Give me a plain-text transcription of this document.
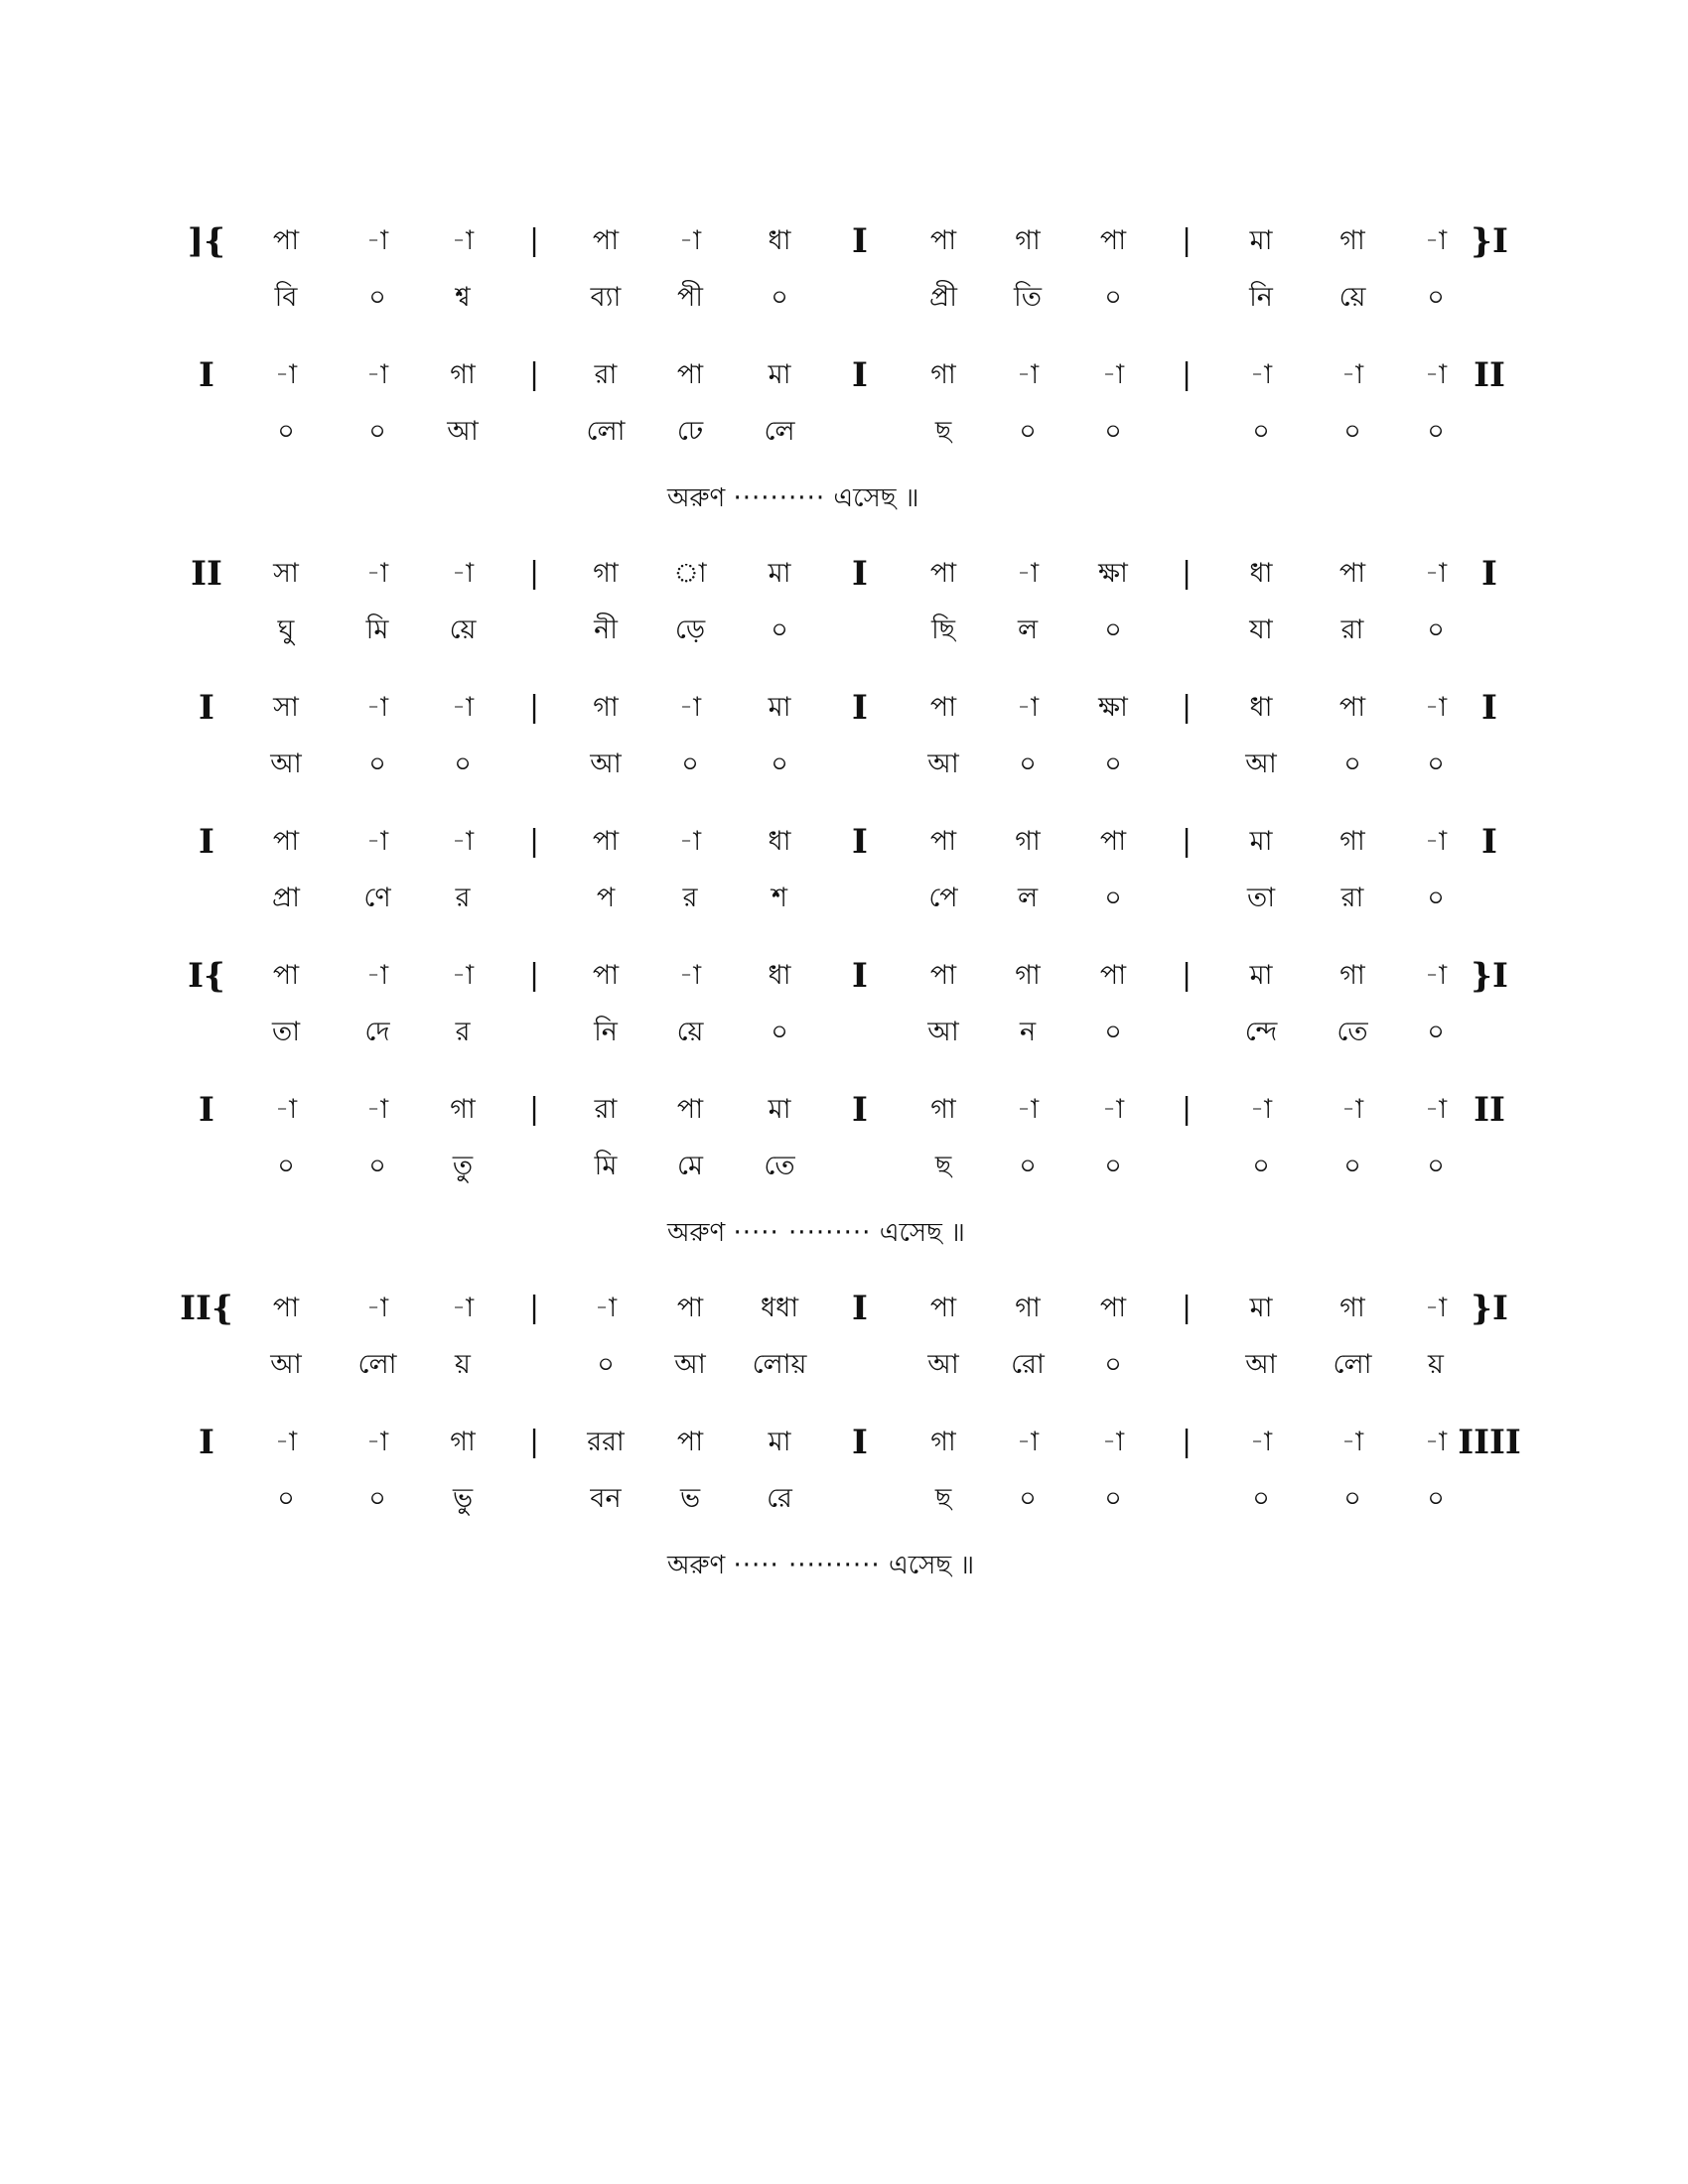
]{ পা	-া -া | পা -া ধা I পা গা পা | মা	গা -া }I
বি	০	শ্ব	ব্যা পী	০	প্রী তি ০	নি য়ে ০
I -া	-া গা | রা পা মা I গা -া -া | -া	-া -া II
০	০ আ	লো ঢে লে	ছ	০	০	০	০ ০
অরুণ ·········· এসেছ ॥
II সা	-া -া | গা া মা I পা -া ক্ষা | ধা পা -া I
ঘু	মি য়ে	নী ড়ে ০	ছি ল ০	যা	রা ০
I সা	-া -া | গা -া মা I পা -া ক্ষা | ধা পা -া I
আ ০	০	আ ০	০	আ ০	০	আ ০ ০
I পা	-া -া | পা -া ধা I পা গা পা | মা	গা -া I
প্রা ণে র	প	র	শ	পে ল ০	তা রা ০
I{ পা	-া -া | পা -া ধা I পা গা পা | মা	গা -া }I
তা দে র	নি য়ে	০	আ ন	০	ন্দে তে ০
I -া	-া গা | রা পা মা I গা -া -া | -া	-া -া II
০	০ তু	মি মে তে	ছ	০	০	০	০ ০
অরুণ ····· ········· এসেছ ॥
II{ পা	-া -া | -া পা ধধা I পা গা পা | মা	গা -া }I
আ লো য়	০ আ লোয়	আ রো ০	আ লো য়
I -া	-া গা | ররা পা মা I গা -া -া | -া	-া -া IIII
০	০ ভু	বন ভ রে	ছ	০	০	০	০ ০
অরুণ ····· ·········· এসেছ ॥
